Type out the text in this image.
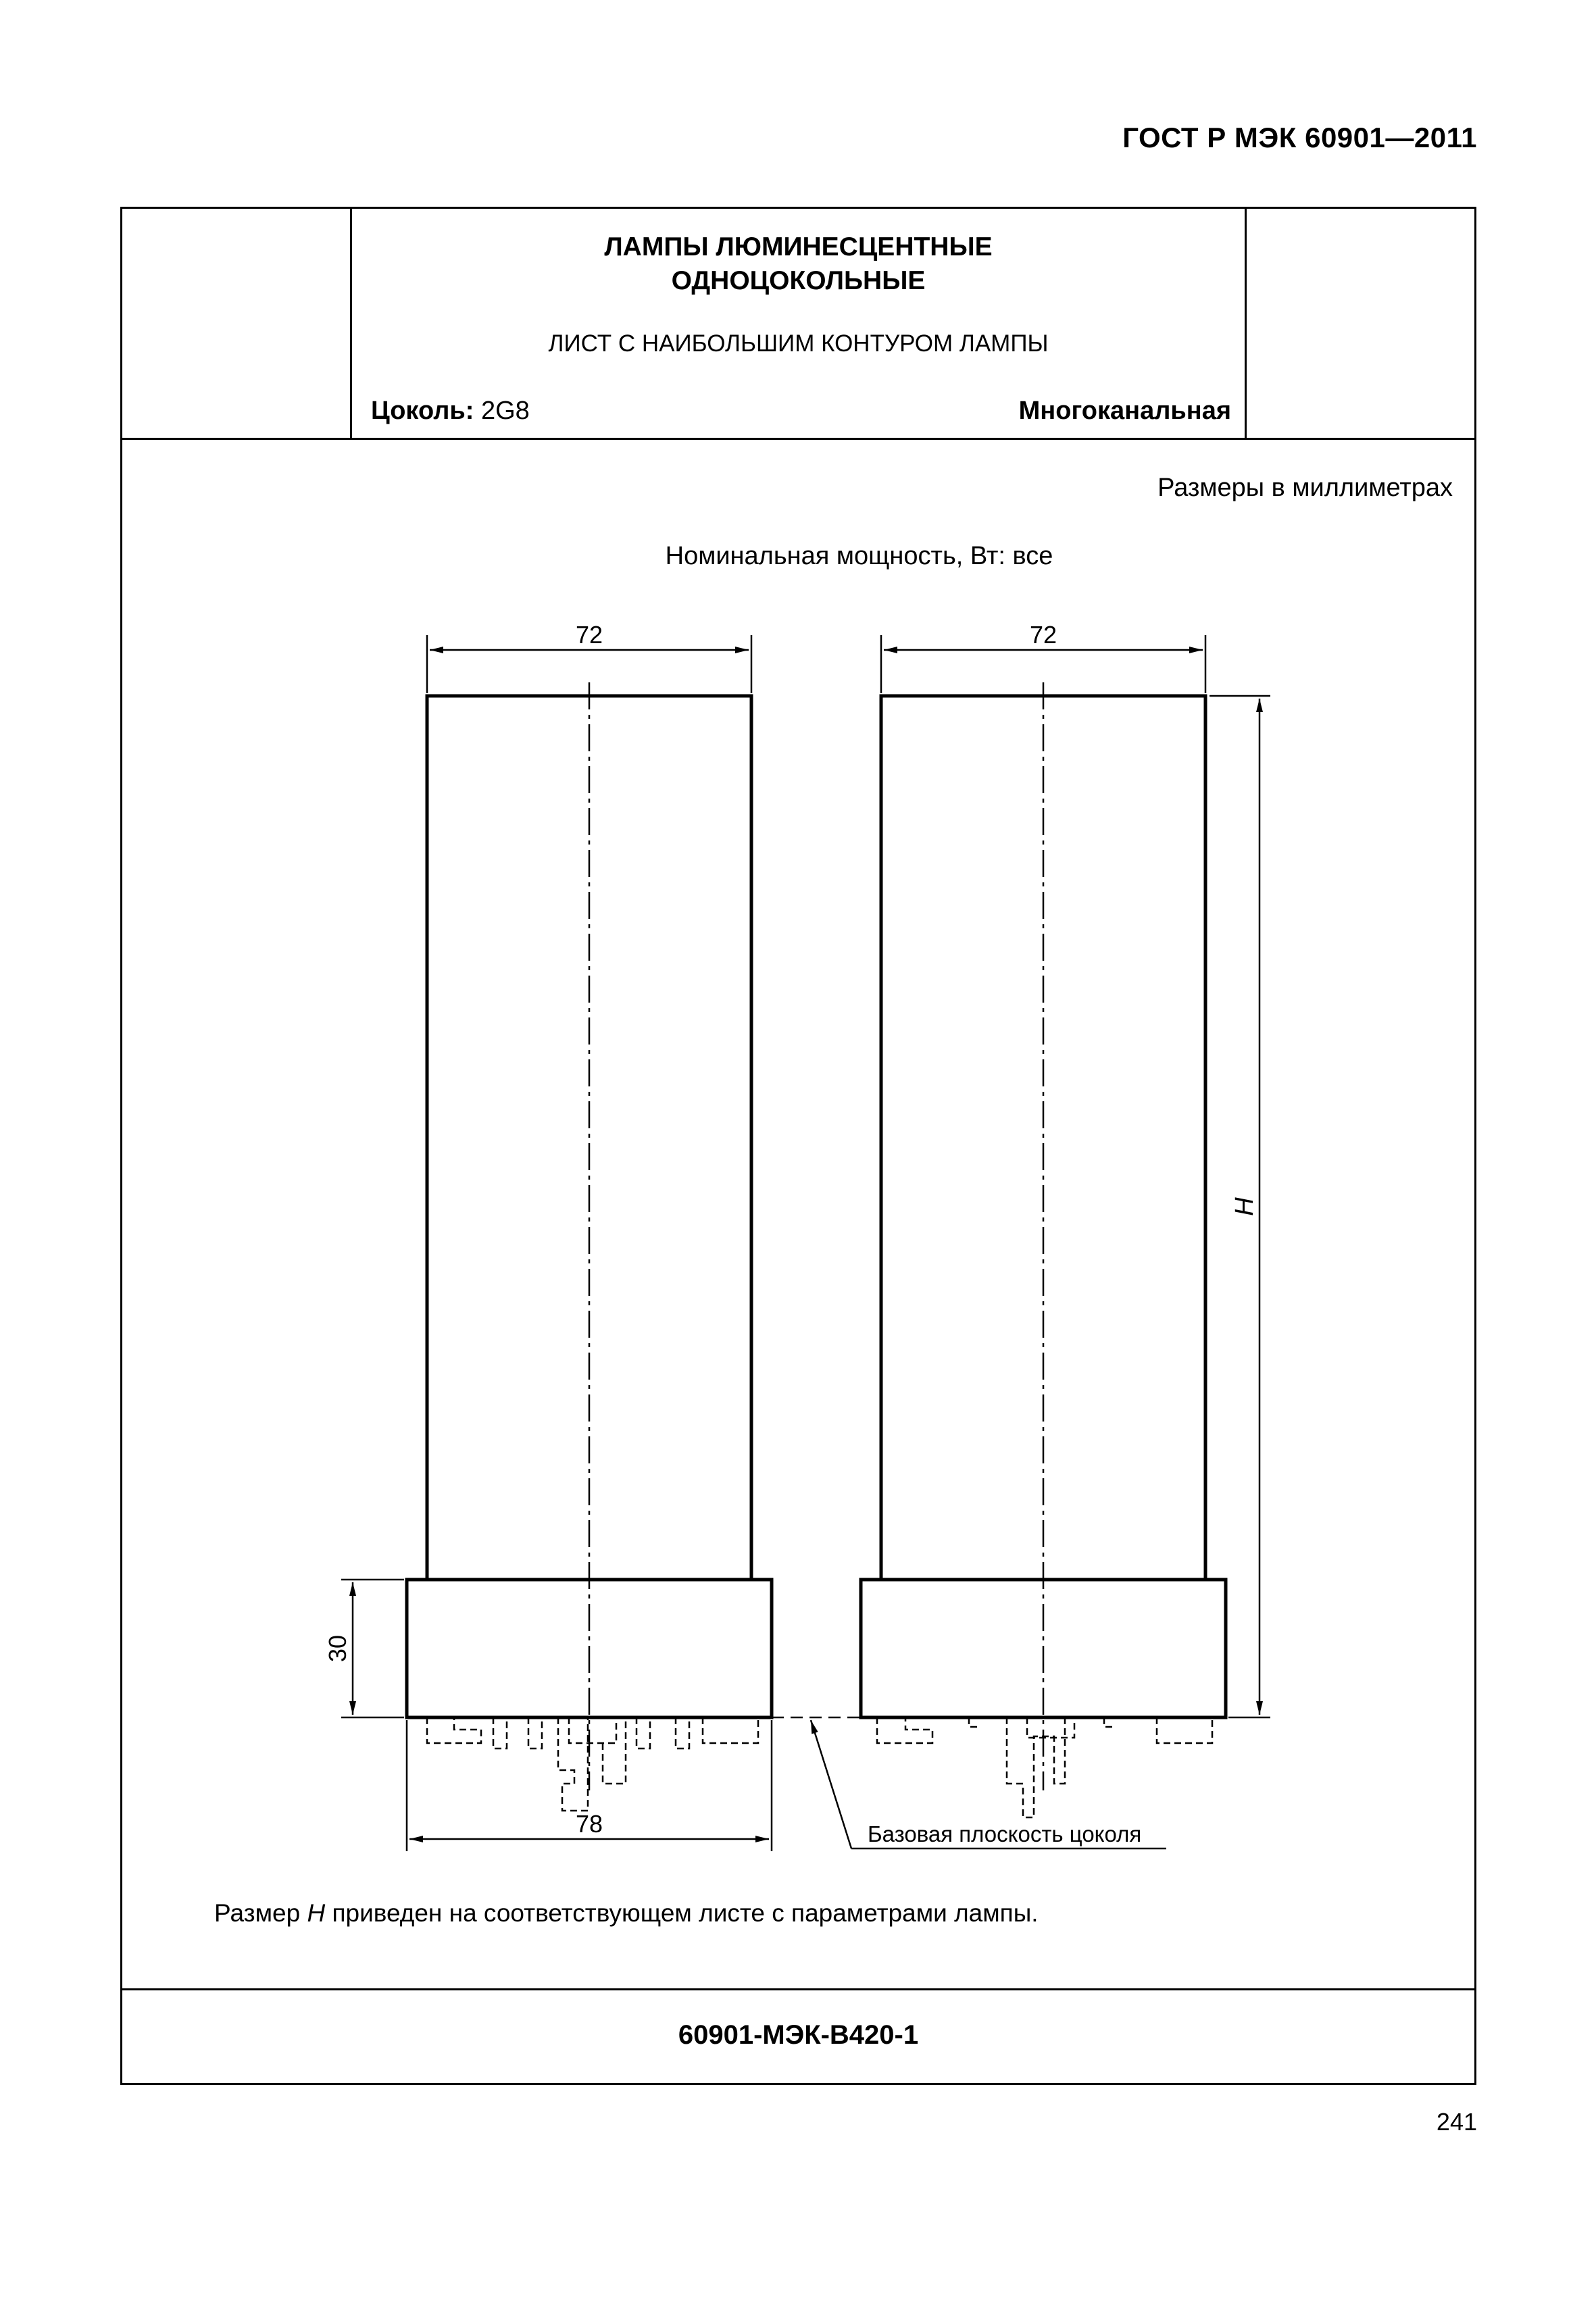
ГОСТ Р МЭК 60901—2011
ЛАМПЫ ЛЮМИНЕСЦЕНТНЫЕ
ОДНОЦОКОЛЬНЫЕ
ЛИСТ С НАИБОЛЬШИМ КОНТУРОМ ЛАМПЫ
Цоколь: 2G8	Многоканальная
Размеры в миллиметрах
Номинальная мощность, Вт: все
Размер H приведен на соответствующем листе с параметрами лампы.
60901-МЭК-В420-1
72	72
78
30
H
Базовая плоскость цоколя
241
